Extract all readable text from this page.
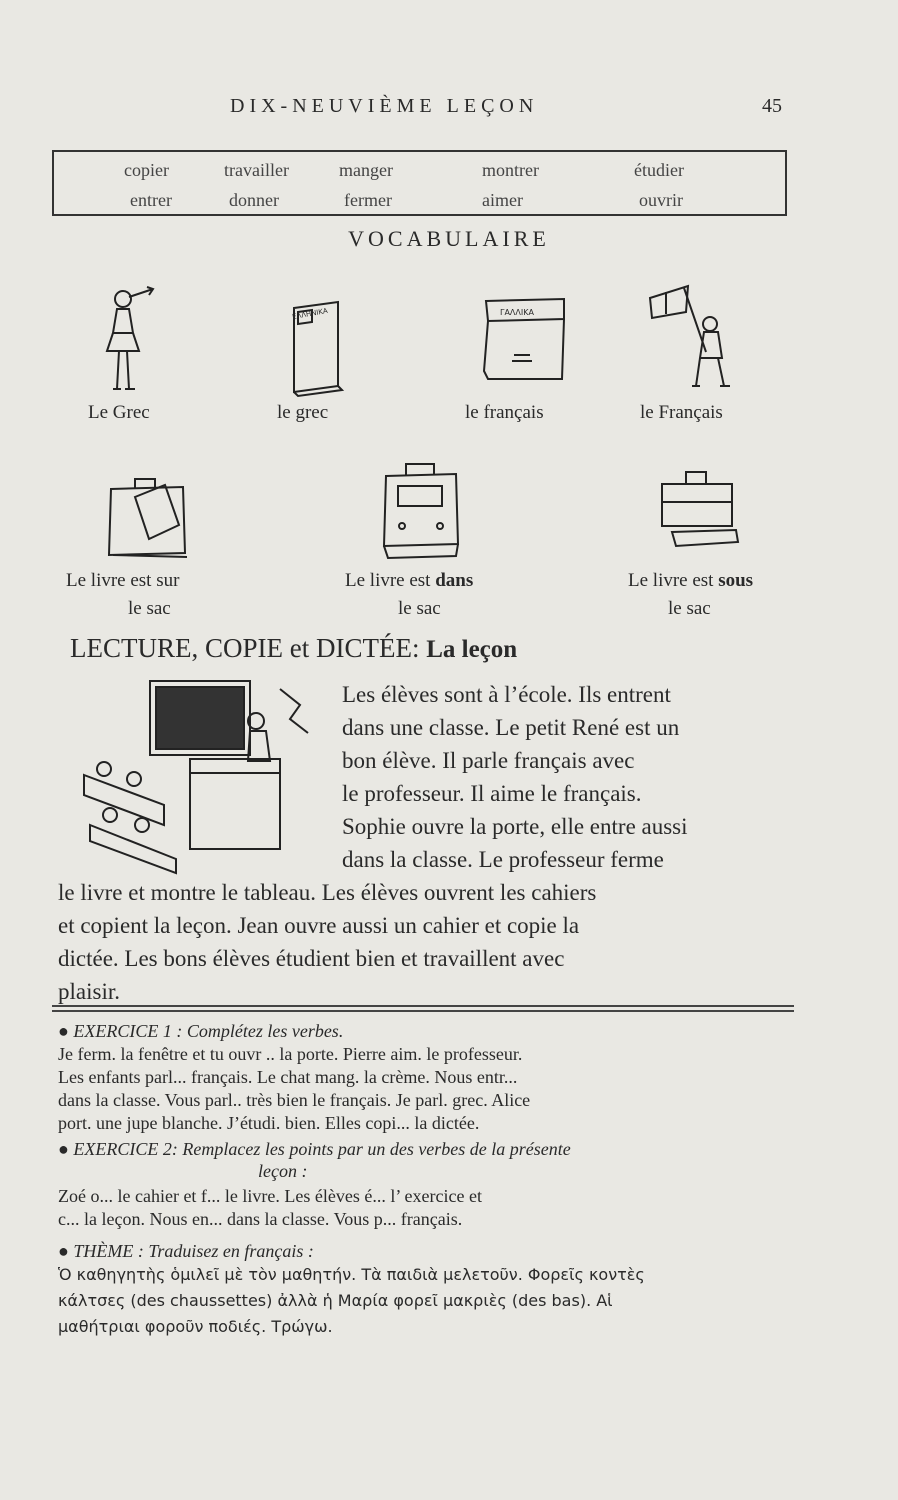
DIX-NEUVIÈME LEÇON	45
copier	travailler	manger	montrer	étudier
entrer	donner	fermer	aimer	ouvrir
VOCABULAIRE
ΕΛΛΗΝΙΚΑ	ΓΑΛΛΙΚΑ
Le Grec	le grec	le français	le Français
Le livre est sur
le sac
Le livre est dans
le sac
Le livre est sous
le sac
LECTURE, COPIE et DICTÉE: La leçon
Les élèves sont à l’école. Ils entrent
dans une classe. Le petit René est un
bon élève. Il parle français avec
le professeur. Il aime le français.
Sophie ouvre la porte, elle entre aussi
dans la classe. Le professeur ferme
le livre et montre le tableau. Les élèves ouvrent les cahiers
et copient la leçon. Jean ouvre aussi un cahier et copie la
dictée. Les bons élèves étudient bien et travaillent avec
plaisir.
● EXERCICE 1 : Complétez les verbes.
Je ferm. la fenêtre et tu ouvr .. la porte. Pierre aim. le professeur.
Les enfants parl... français. Le chat mang. la crème. Nous entr...
dans la classe. Vous parl.. très bien le français. Je parl. grec. Alice
port. une jupe blanche. J’étudi. bien. Elles copi... la dictée.
● EXERCICE 2: Remplacez les points par un des verbes de la présente
leçon :
Zoé o... le cahier et f... le livre. Les élèves é... l’ exercice et
c... la leçon. Nous en... dans la classe. Vous p... français.
● THÈME : Traduisez en français :
Ὁ καθηγητὴς ὁμιλεῖ μὲ τὸν μαθητήν. Τὰ παιδιὰ μελετοῦν. Φορεῖς κοντὲς
κάλτσες (des chaussettes) ἀλλὰ ἡ Μαρία φορεῖ μακριὲς (des bas). Αἱ
μαθήτριαι φοροῦν ποδιές. Τρώγω.
